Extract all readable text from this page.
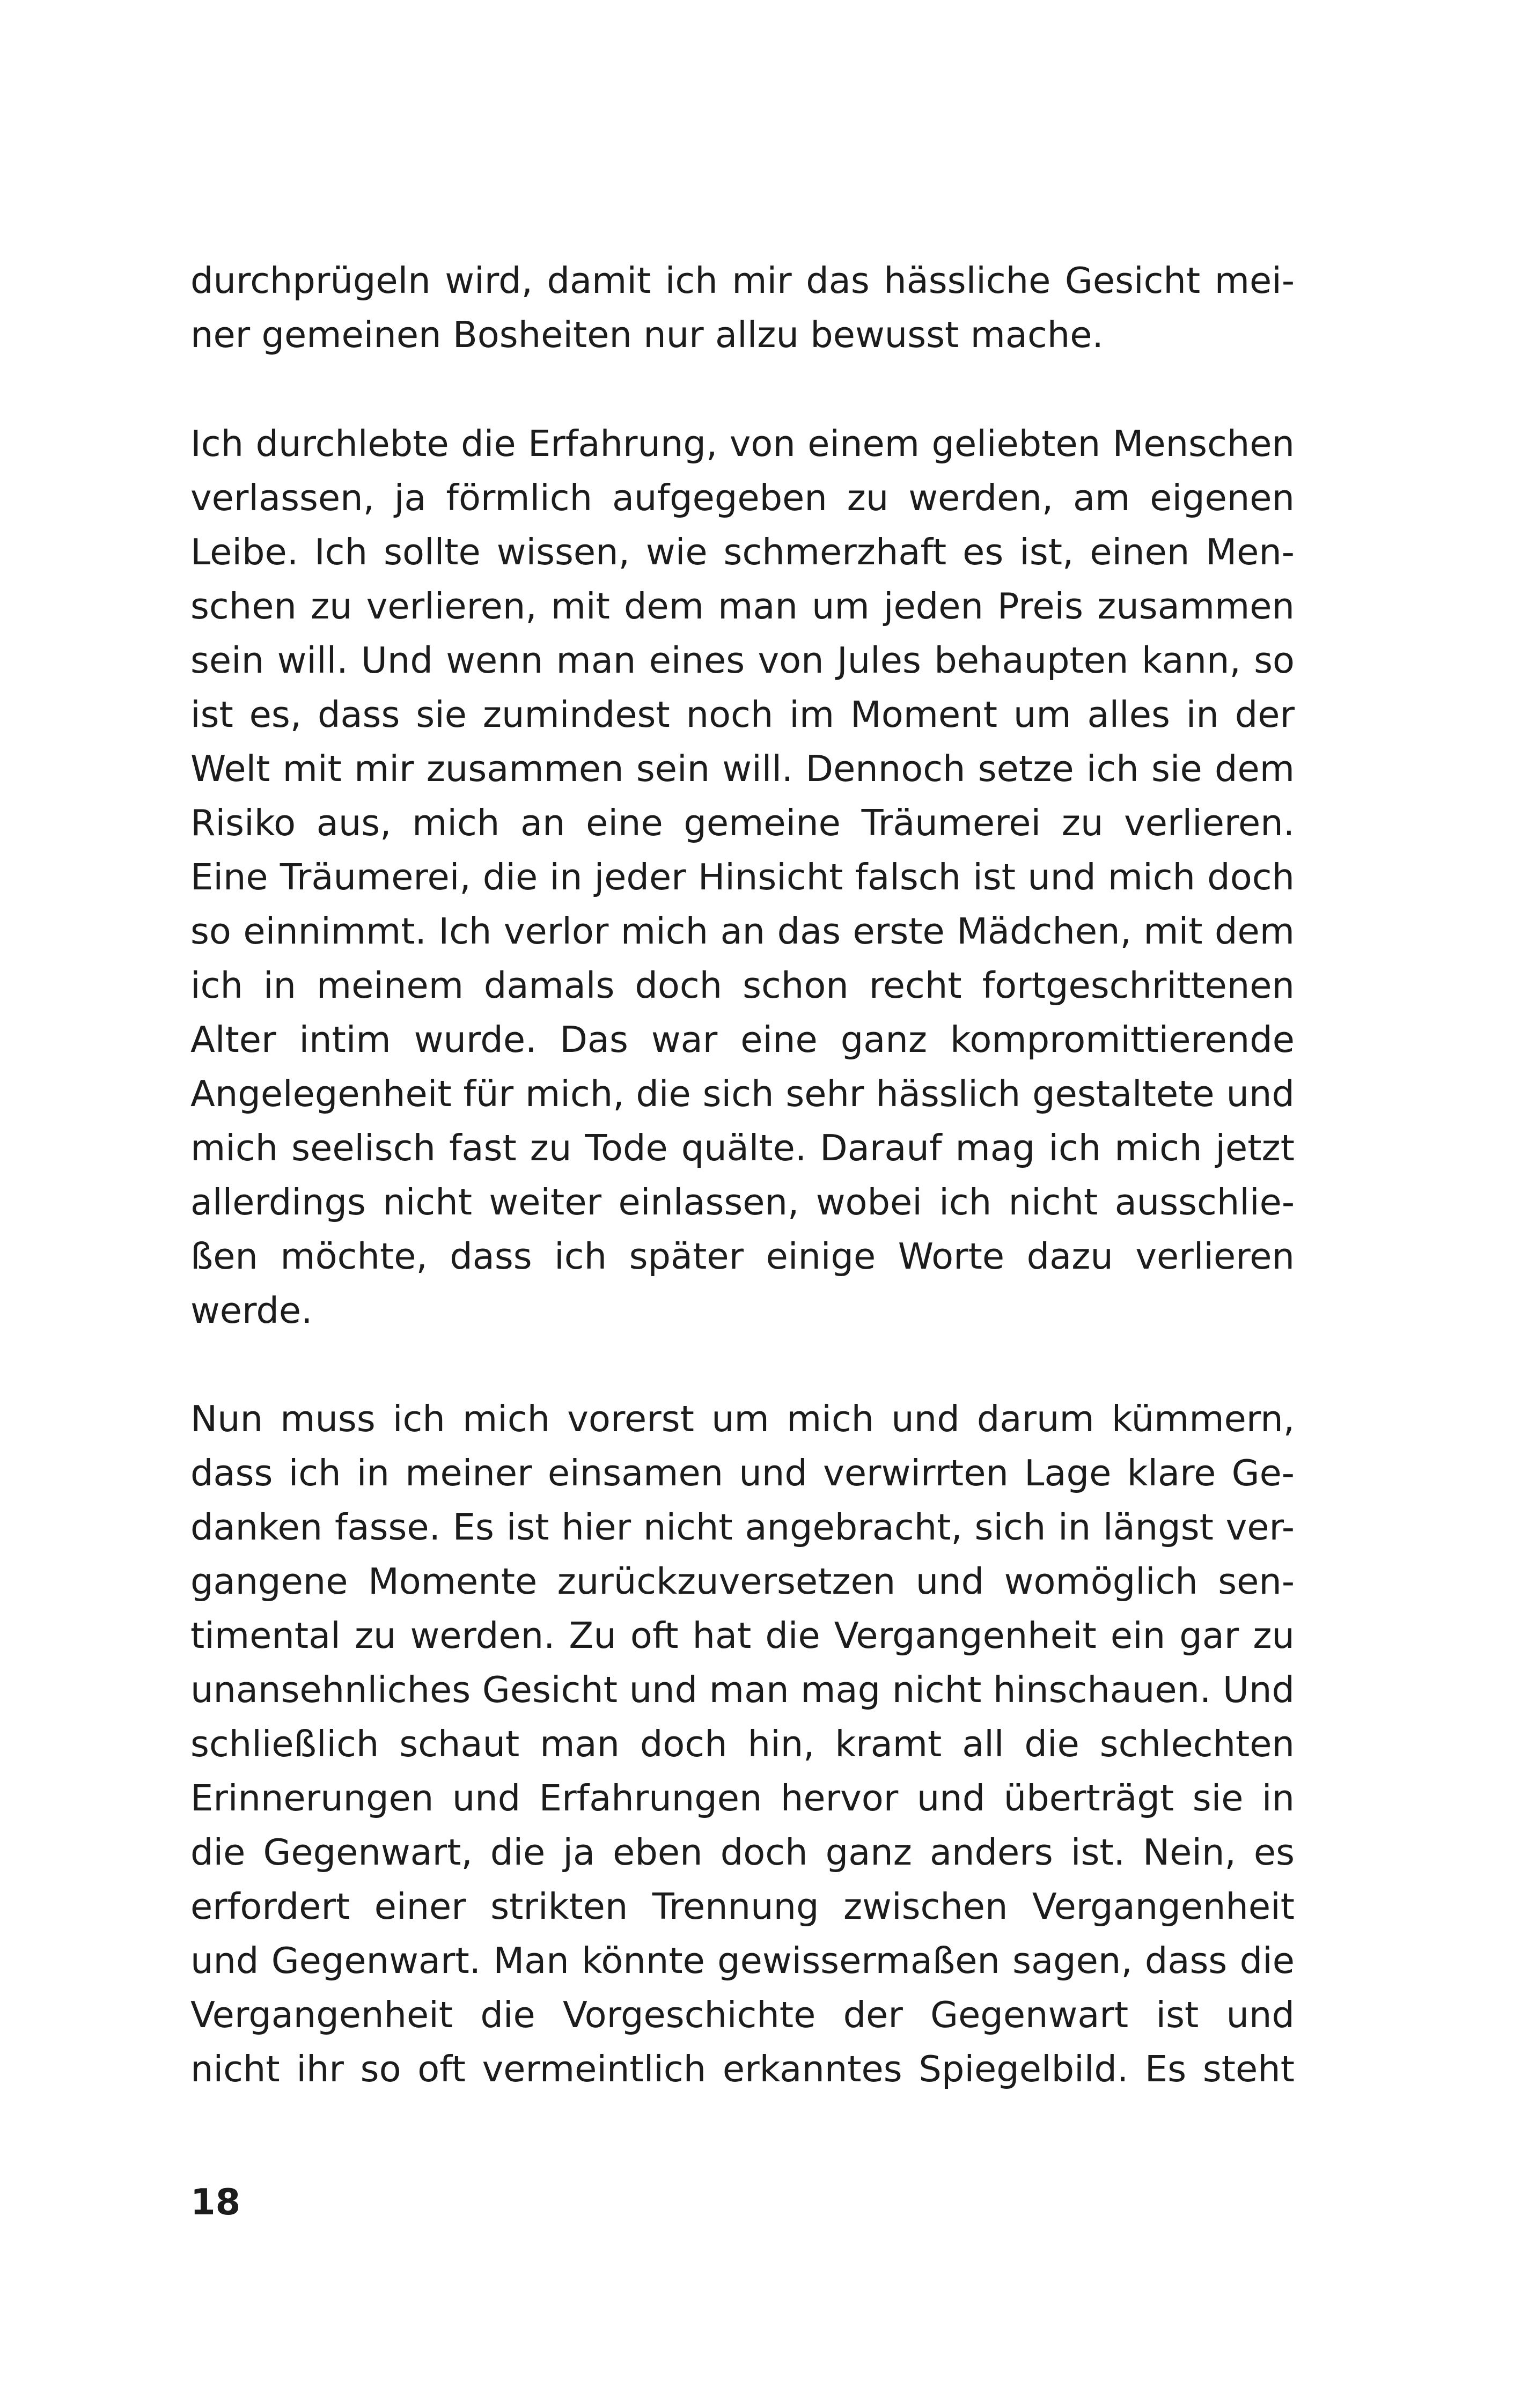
durchprügeln wird, damit ich mir das hässliche Gesicht mei-
ner gemeinen Bosheiten nur allzu bewusst mache.
Ich durchlebte die Erfahrung, von einem geliebten Menschen
verlassen, ja förmlich aufgegeben zu werden, am eigenen
Leibe. Ich sollte wissen, wie schmerzhaft es ist, einen Men-
schen zu verlieren, mit dem man um jeden Preis zusammen
sein will. Und wenn man eines von Jules behaupten kann, so
ist es, dass sie zumindest noch im Moment um alles in der
Welt mit mir zusammen sein will. Dennoch setze ich sie dem
Risiko aus, mich an eine gemeine Träumerei zu verlieren.
Eine Träumerei, die in jeder Hinsicht falsch ist und mich doch
so einnimmt. Ich verlor mich an das erste Mädchen, mit dem
ich in meinem damals doch schon recht fortgeschrittenen
Alter intim wurde. Das war eine ganz kompromittierende
Angelegenheit für mich, die sich sehr hässlich gestaltete und
mich seelisch fast zu Tode quälte. Darauf mag ich mich jetzt
allerdings nicht weiter einlassen, wobei ich nicht ausschlie-
ßen möchte, dass ich später einige Worte dazu verlieren
werde.
Nun muss ich mich vorerst um mich und darum kümmern,
dass ich in meiner einsamen und verwirrten Lage klare Ge-
danken fasse. Es ist hier nicht angebracht, sich in längst ver-
gangene Momente zurückzuversetzen und womöglich sen-
timental zu werden. Zu oft hat die Vergangenheit ein gar zu
unansehnliches Gesicht und man mag nicht hinschauen. Und
schließlich schaut man doch hin, kramt all die schlechten
Erinnerungen und Erfahrungen hervor und überträgt sie in
die Gegenwart, die ja eben doch ganz anders ist. Nein, es
erfordert einer strikten Trennung zwischen Vergangenheit
und Gegenwart. Man könnte gewissermaßen sagen, dass die
Vergangenheit die Vorgeschichte der Gegenwart ist und
nicht ihr so oft vermeintlich erkanntes Spiegelbild. Es steht
18
